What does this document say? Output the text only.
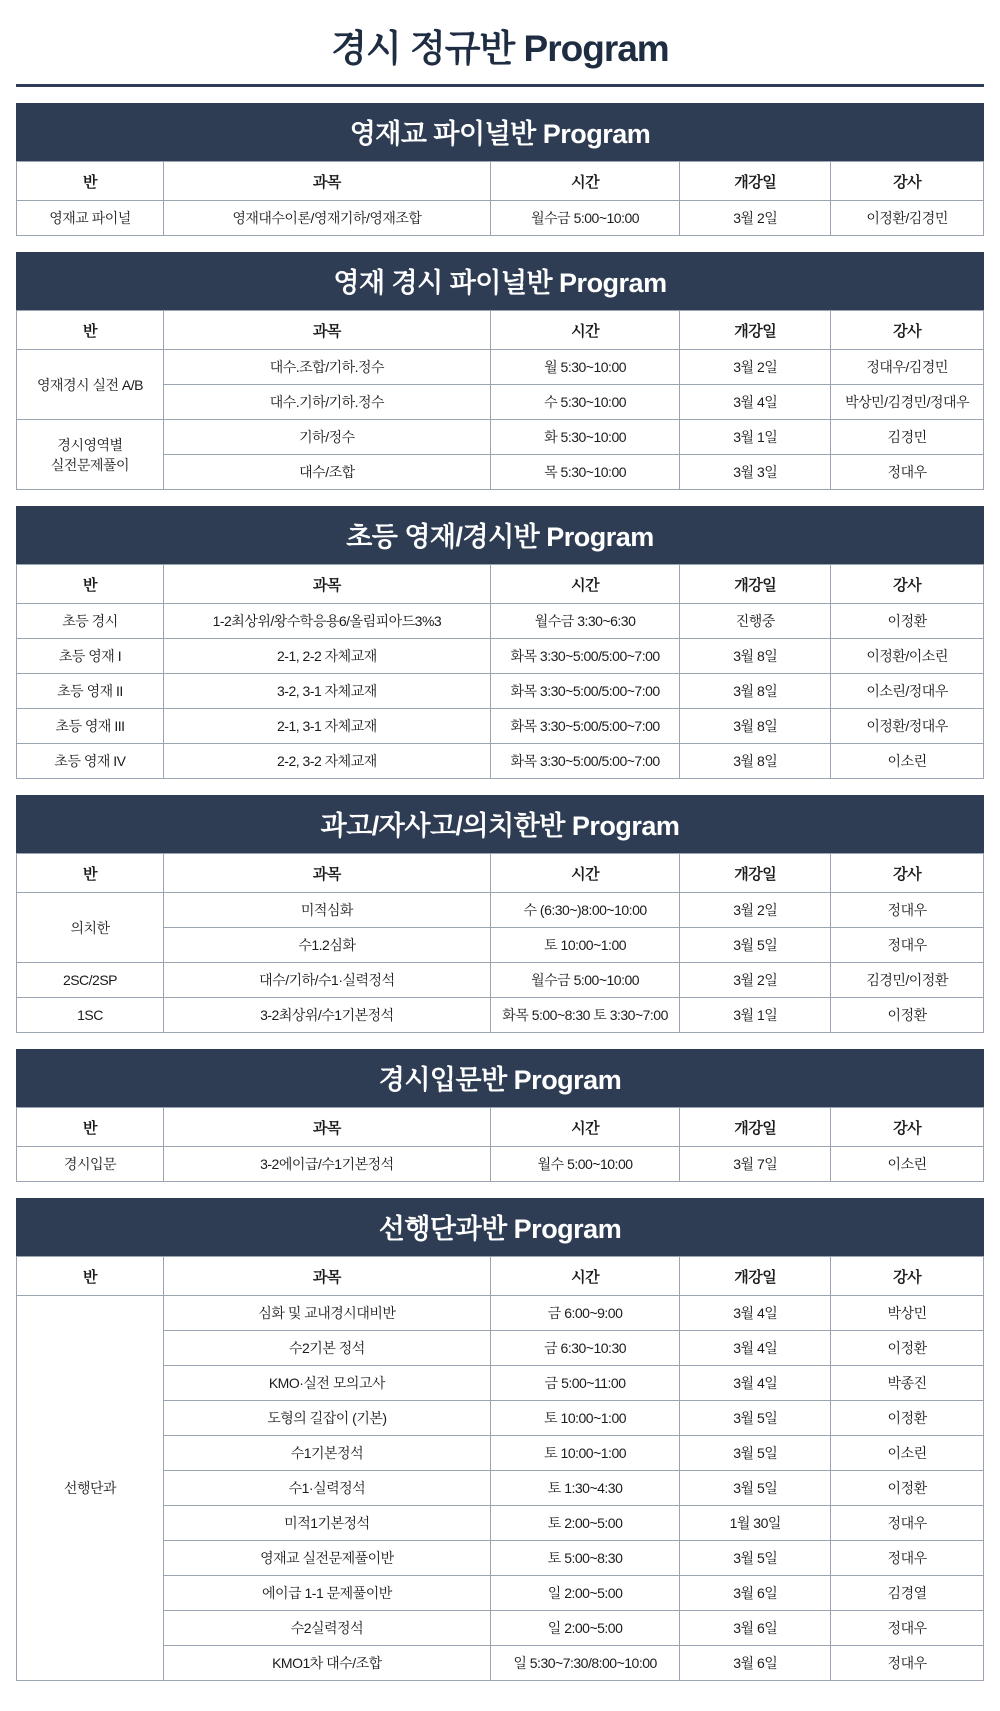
경시 정규반 Program
영재교 파이널반 Program
반	과목	시간	개강일	강사
영재교 파이널	영재대수이론/영재기하/영재조합	월수금 5:00~10:00	3월 2일	이정환/김경민
영재 경시 파이널반 Program
반	과목	시간	개강일	강사
영재경시 실전 A/B	대수.조합/기하.정수	월 5:30~10:00	3월 2일	정대우/김경민
	대수.기하/기하.정수	수 5:30~10:00	3월 4일	박상민/김경민/정대우
경시영역별
실전문제풀이	기하/정수	화 5:30~10:00	3월 1일	김경민
	대수/조합	목 5:30~10:00	3월 3일	정대우
초등 영재/경시반 Program
반	과목	시간	개강일	강사
초등 경시	1-2최상위/왕수학응용6/올림피아드3%3	월수금 3:30~6:30	진행중	이정환
초등 영재 I	2-1, 2-2 자체교재	화목 3:30~5:00/5:00~7:00	3월 8일	이정환/이소린
초등 영재 II	3-2, 3-1 자체교재	화목 3:30~5:00/5:00~7:00	3월 8일	이소린/정대우
초등 영재 III	2-1, 3-1 자체교재	화목 3:30~5:00/5:00~7:00	3월 8일	이정환/정대우
초등 영재 IV	2-2, 3-2 자체교재	화목 3:30~5:00/5:00~7:00	3월 8일	이소린
과고/자사고/의치한반 Program
반	과목	시간	개강일	강사
의치한	미적심화	수 (6:30~)8:00~10:00	3월 2일	정대우
	수1.2심화	토 10:00~1:00	3월 5일	정대우
2SC/2SP	대수/기하/수1·실력정석	월수금 5:00~10:00	3월 2일	김경민/이정환
1SC	3-2최상위/수1기본정석	화목 5:00~8:30 토 3:30~7:00	3월 1일	이정환
경시입문반 Program
반	과목	시간	개강일	강사
경시입문	3-2에이급/수1기본정석	월수 5:00~10:00	3월 7일	이소린
선행단과반 Program
반	과목	시간	개강일	강사
선행단과	심화 및 교내경시대비반	금 6:00~9:00	3월 4일	박상민
	수2기본 정석	금 6:30~10:30	3월 4일	이정환
	KMO·실전 모의고사	금 5:00~11:00	3월 4일	박종진
	도형의 길잡이 (기본)	토 10:00~1:00	3월 5일	이정환
	수1기본정석	토 10:00~1:00	3월 5일	이소린
	수1·실력정석	토 1:30~4:30	3월 5일	이정환
	미적1기본정석	토 2:00~5:00	1월 30일	정대우
	영재교 실전문제풀이반	토 5:00~8:30	3월 5일	정대우
	에이급 1-1 문제풀이반	일 2:00~5:00	3월 6일	김경열
	수2실력정석	일 2:00~5:00	3월 6일	정대우
	KMO1차 대수/조합	일 5:30~7:30/8:00~10:00	3월 6일	정대우
